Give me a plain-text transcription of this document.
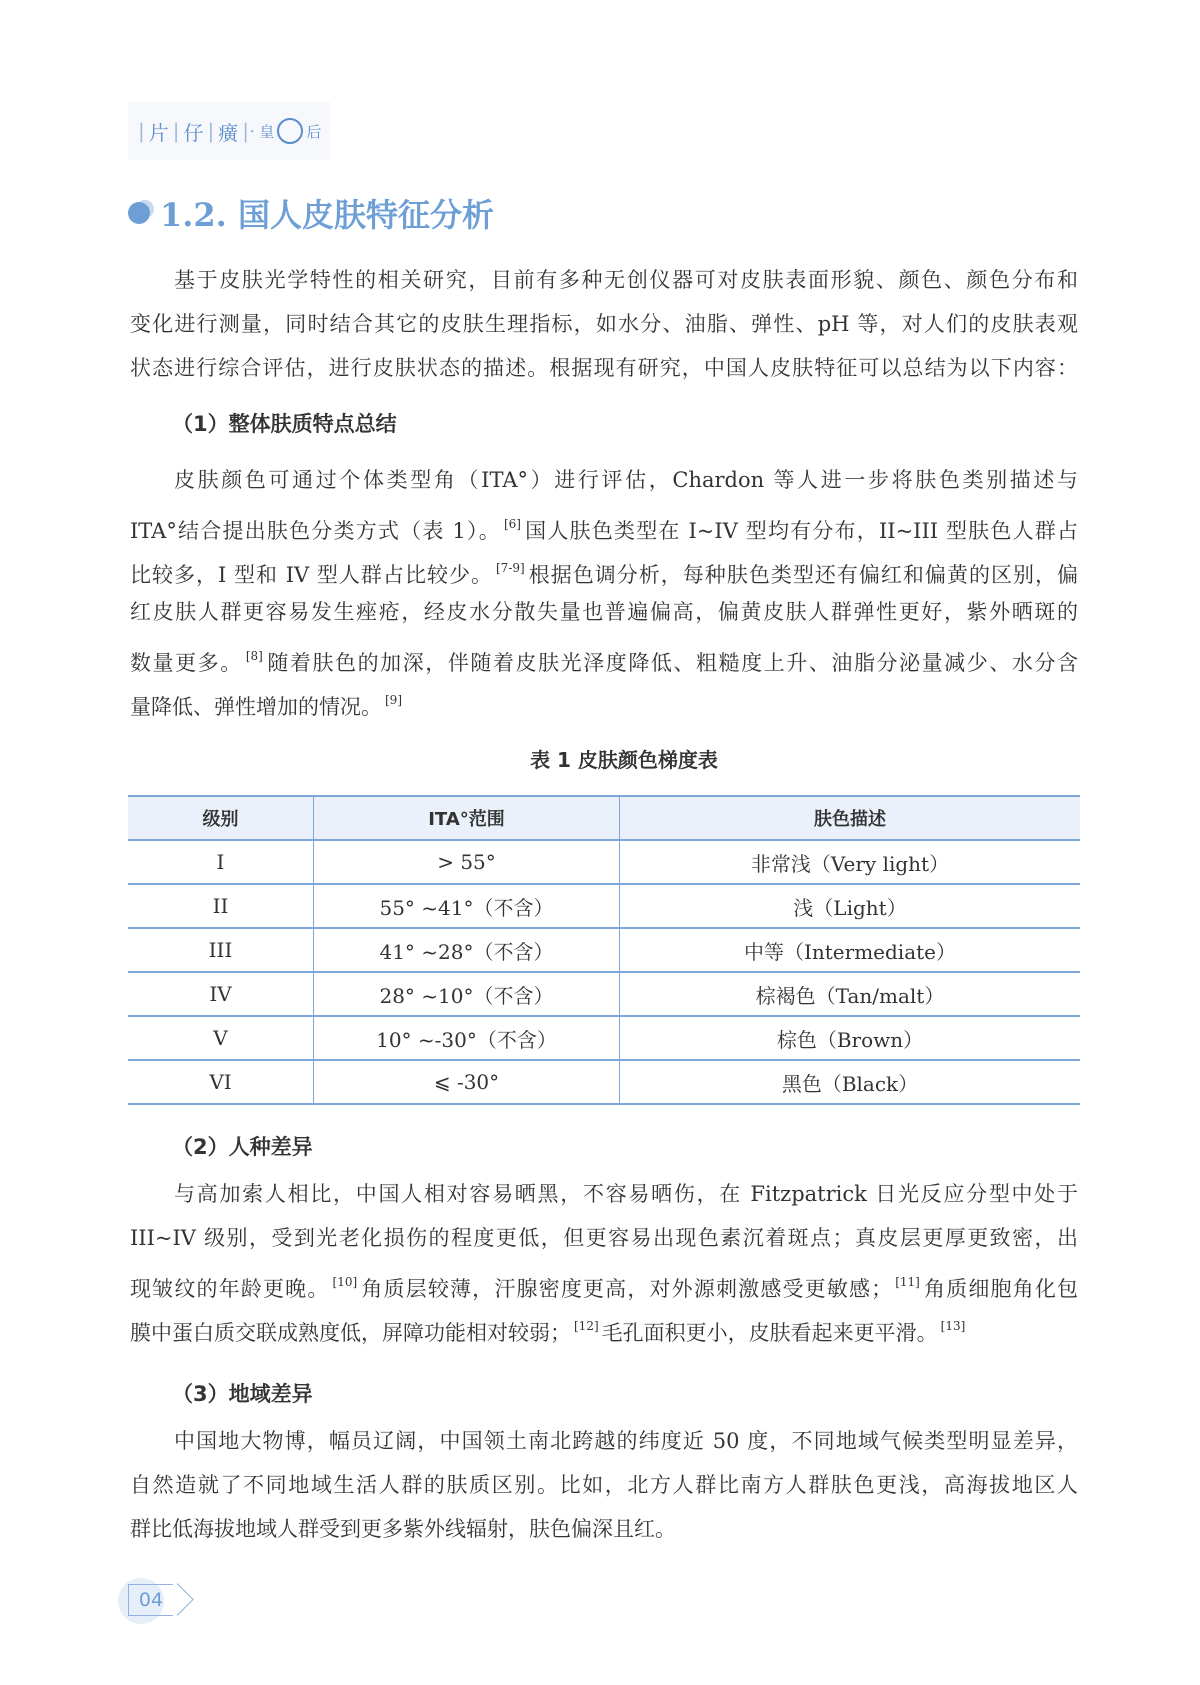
| 片 | 仔 | 癀 |· 皇 后
1.2. 国人皮肤特征分析
基于皮肤光学特性的相关研究，目前有多种无创仪器可对皮肤表面形貌、颜色、颜色分布和
变化进行测量，同时结合其它的皮肤生理指标，如水分、油脂、弹性、pH 等，对人们的皮肤表观
状态进行综合评估，进行皮肤状态的描述。根据现有研究，中国人皮肤特征可以总结为以下内容：
（1）整体肤质特点总结
皮肤颜色可通过个体类型角（ITA°）进行评估，Chardon 等人进一步将肤色类别描述与
ITA°结合提出肤色分类方式（表 1）。 [6] 国人肤色类型在 I~IV 型均有分布，II~III 型肤色人群占
比较多，I 型和 IV 型人群占比较少。 [7-9] 根据色调分析，每种肤色类型还有偏红和偏黄的区别，偏
红皮肤人群更容易发生痤疮，经皮水分散失量也普遍偏高，偏黄皮肤人群弹性更好，紫外晒斑的
数量更多。 [8] 随着肤色的加深，伴随着皮肤光泽度降低、粗糙度上升、油脂分泌量减少、水分含
量降低、弹性增加的情况。 [9]
表 1 皮肤颜色梯度表
级别	ITA°范围	肤色描述
I	> 55°	非常浅（Very light）
II	55° ~41°（不含）	浅（Light）
III	41° ~28°（不含）	中等（Intermediate）
IV	28° ~10°（不含）	棕褐色（Tan/malt）
V	10° ~-30°（不含）	棕色（Brown）
VI	⩽ -30°	黑色（Black）
（2）人种差异
与高加索人相比，中国人相对容易晒黑，不容易晒伤，在 Fitzpatrick 日光反应分型中处于
III~IV 级别，受到光老化损伤的程度更低，但更容易出现色素沉着斑点；真皮层更厚更致密，出
现皱纹的年龄更晚。 [10] 角质层较薄，汗腺密度更高，对外源刺激感受更敏感； [11] 角质细胞角化包
膜中蛋白质交联成熟度低，屏障功能相对较弱； [12] 毛孔面积更小，皮肤看起来更平滑。 [13]
（3）地域差异
中国地大物博，幅员辽阔，中国领土南北跨越的纬度近 50 度，不同地域气候类型明显差异，
自然造就了不同地域生活人群的肤质区别。比如，北方人群比南方人群肤色更浅，高海拔地区人
群比低海拔地域人群受到更多紫外线辐射，肤色偏深且红。
04
